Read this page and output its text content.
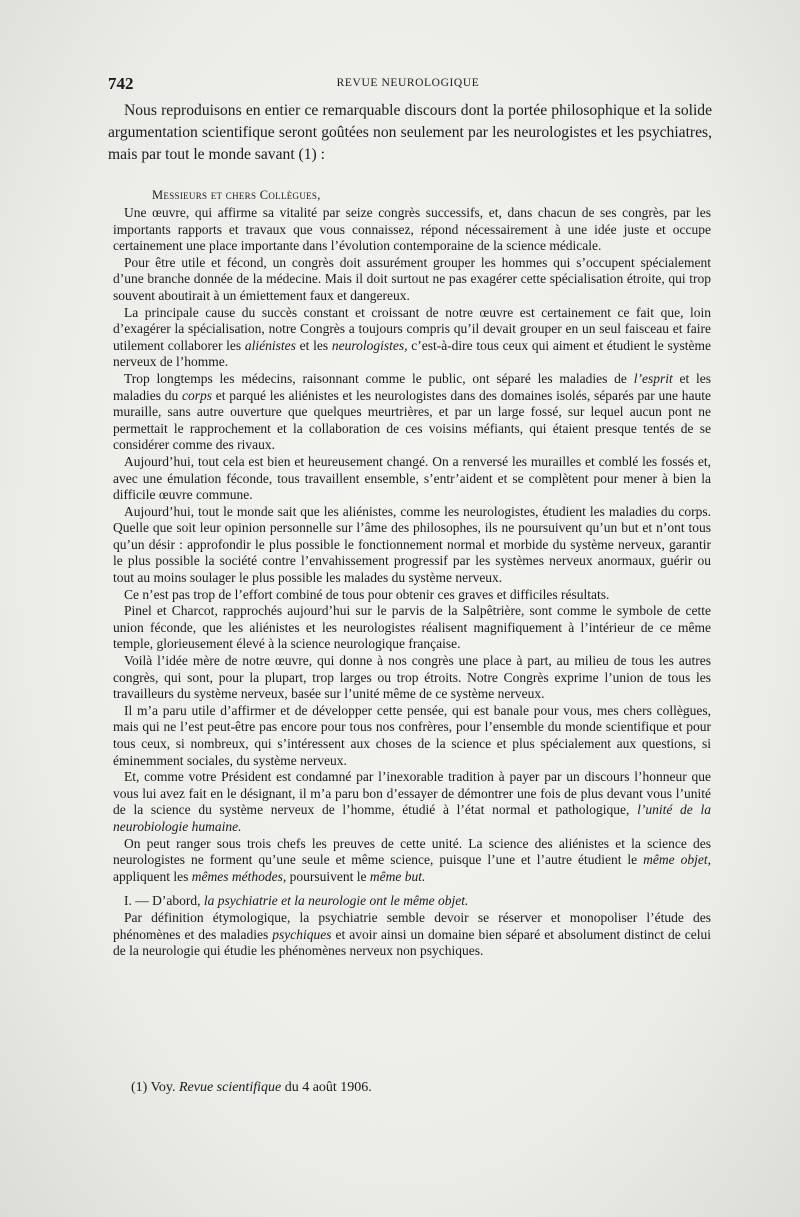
742	REVUE NEUROLOGIQUE

Nous reproduisons en entier ce remarquable discours dont la portée philosophique et la solide argumentation scientifique seront goûtées non seulement par les neurologistes et les psychiatres, mais par tout le monde savant (1) :

Messieurs et chers Collègues,

Une œuvre, qui affirme sa vitalité par seize congrès successifs, et, dans chacun de ses congrès, par les importants rapports et travaux que vous connaissez, répond nécessairement à une idée juste et occupe certainement une place importante dans l’évolution contemporaine de la science médicale.

Pour être utile et fécond, un congrès doit assurément grouper les hommes qui s’occupent spécialement d’une branche donnée de la médecine. Mais il doit surtout ne pas exagérer cette spécialisation étroite, qui trop souvent aboutirait à un émiettement faux et dangereux.

La principale cause du succès constant et croissant de notre œuvre est certainement ce fait que, loin d’exagérer la spécialisation, notre Congrès a toujours compris qu’il devait grouper en un seul faisceau et faire utilement collaborer les aliénistes et les neurologistes, c’est-à-dire tous ceux qui aiment et étudient le système nerveux de l’homme.

Trop longtemps les médecins, raisonnant comme le public, ont séparé les maladies de l’esprit et les maladies du corps et parqué les aliénistes et les neurologistes dans des domaines isolés, séparés par une haute muraille, sans autre ouverture que quelques meurtrières, et par un large fossé, sur lequel aucun pont ne permettait le rapprochement et la collaboration de ces voisins méfiants, qui étaient presque tentés de se considérer comme des rivaux.

Aujourd’hui, tout cela est bien et heureusement changé. On a renversé les murailles et comblé les fossés et, avec une émulation féconde, tous travaillent ensemble, s’entr’aident et se complètent pour mener à bien la difficile œuvre commune.

Aujourd’hui, tout le monde sait que les aliénistes, comme les neurologistes, étudient les maladies du corps. Quelle que soit leur opinion personnelle sur l’âme des philosophes, ils ne poursuivent qu’un but et n’ont tous qu’un désir : approfondir le plus possible le fonctionnement normal et morbide du système nerveux, garantir le plus possible la société contre l’envahissement progressif par les systèmes nerveux anormaux, guérir ou tout au moins soulager le plus possible les malades du système nerveux.

Ce n’est pas trop de l’effort combiné de tous pour obtenir ces graves et difficiles résultats.

Pinel et Charcot, rapprochés aujourd’hui sur le parvis de la Salpêtrière, sont comme le symbole de cette union féconde, que les aliénistes et les neurologistes réalisent magnifiquement à l’intérieur de ce même temple, glorieusement élevé à la science neurologique française.

Voilà l’idée mère de notre œuvre, qui donne à nos congrès une place à part, au milieu de tous les autres congrès, qui sont, pour la plupart, trop larges ou trop étroits. Notre Congrès exprime l’union de tous les travailleurs du système nerveux, basée sur l’unité même de ce système nerveux.

Il m’a paru utile d’affirmer et de développer cette pensée, qui est banale pour vous, mes chers collègues, mais qui ne l’est peut-être pas encore pour tous nos confrères, pour l’ensemble du monde scientifique et pour tous ceux, si nombreux, qui s’intéressent aux choses de la science et plus spécialement aux questions, si éminemment sociales, du système nerveux.

Et, comme votre Président est condamné par l’inexorable tradition à payer par un discours l’honneur que vous lui avez fait en le désignant, il m’a paru bon d’essayer de démontrer une fois de plus devant vous l’unité de la science du système nerveux de l’homme, étudié à l’état normal et pathologique, l’unité de la neurobiologie humaine.

On peut ranger sous trois chefs les preuves de cette unité. La science des aliénistes et la science des neurologistes ne forment qu’une seule et même science, puisque l’une et l’autre étudient le même objet, appliquent les mêmes méthodes, poursuivent le même but.

I. — D’abord, la psychiatrie et la neurologie ont le même objet.

Par définition étymologique, la psychiatrie semble devoir se réserver et monopoliser l’étude des phénomènes et des maladies psychiques et avoir ainsi un domaine bien séparé et absolument distinct de celui de la neurologie qui étudie les phénomènes nerveux non psychiques.

(1) Voy. Revue scientifique du 4 août 1906.
